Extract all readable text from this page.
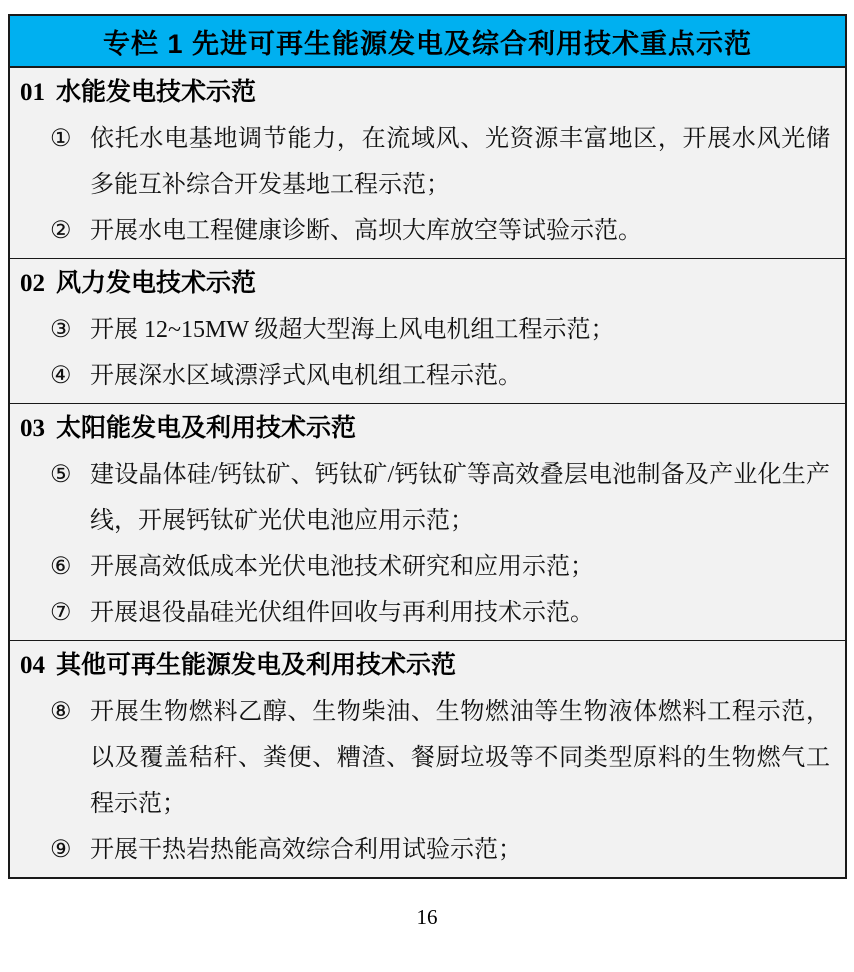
专栏 1 先进可再生能源发电及综合利用技术重点示范
01 水能发电技术示范
① 依托水电基地调节能力，在流域风、光资源丰富地区，开展水风光储多能互补综合开发基地工程示范；
② 开展水电工程健康诊断、高坝大库放空等试验示范。
02 风力发电技术示范
③ 开展 12~15MW 级超大型海上风电机组工程示范；
④ 开展深水区域漂浮式风电机组工程示范。
03 太阳能发电及利用技术示范
⑤ 建设晶体硅/钙钛矿、钙钛矿/钙钛矿等高效叠层电池制备及产业化生产线，开展钙钛矿光伏电池应用示范；
⑥ 开展高效低成本光伏电池技术研究和应用示范；
⑦ 开展退役晶硅光伏组件回收与再利用技术示范。
04 其他可再生能源发电及利用技术示范
⑧ 开展生物燃料乙醇、生物柴油、生物燃油等生物液体燃料工程示范，以及覆盖秸秆、粪便、糟渣、餐厨垃圾等不同类型原料的生物燃气工程示范；
⑨ 开展干热岩热能高效综合利用试验示范；
16
